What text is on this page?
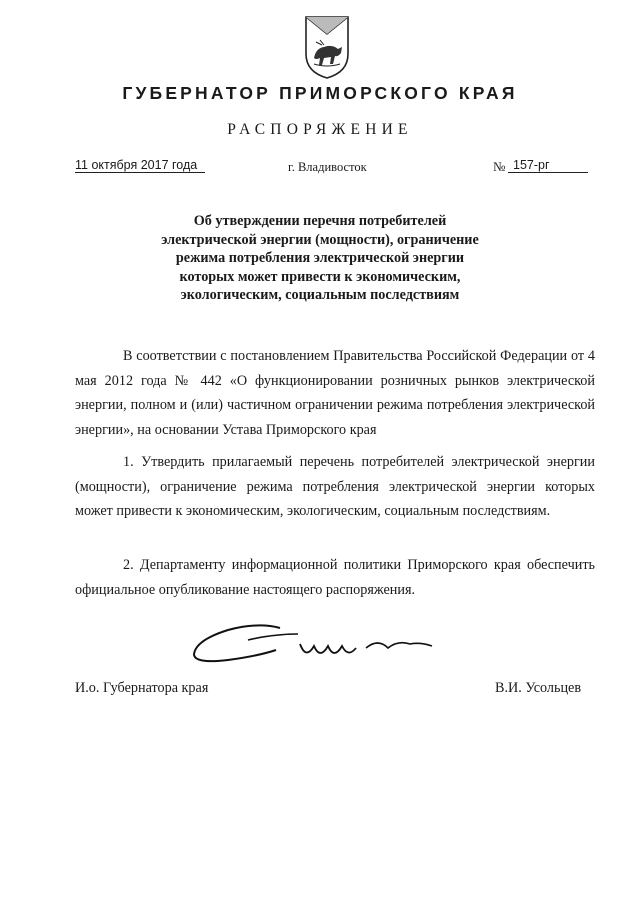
ГУБЕРНАТОР ПРИМОРСКОГО КРАЯ
РАСПОРЯЖЕНИЕ
11 октября 2017 года	г. Владивосток	№ 157-рг
Об утверждении перечня потребителей электрической энергии (мощности), ограничение режима потребления электрической энергии которых может привести к экономическим, экологическим, социальным последствиям
В соответствии с постановлением Правительства Российской Федерации от 4 мая 2012 года № 442 «О функционировании розничных рынков электрической энергии, полном и (или) частичном ограничении режима потребления электрической энергии», на основании Устава Приморского края
1. Утвердить прилагаемый перечень потребителей электрической энергии (мощности), ограничение режима потребления электрической энергии которых может привести к экономическим, экологическим, социальным последствиям.
2. Департаменту информационной политики Приморского края обеспечить официальное опубликование настоящего распоряжения.
И.о. Губернатора края	В.И. Усольцев
